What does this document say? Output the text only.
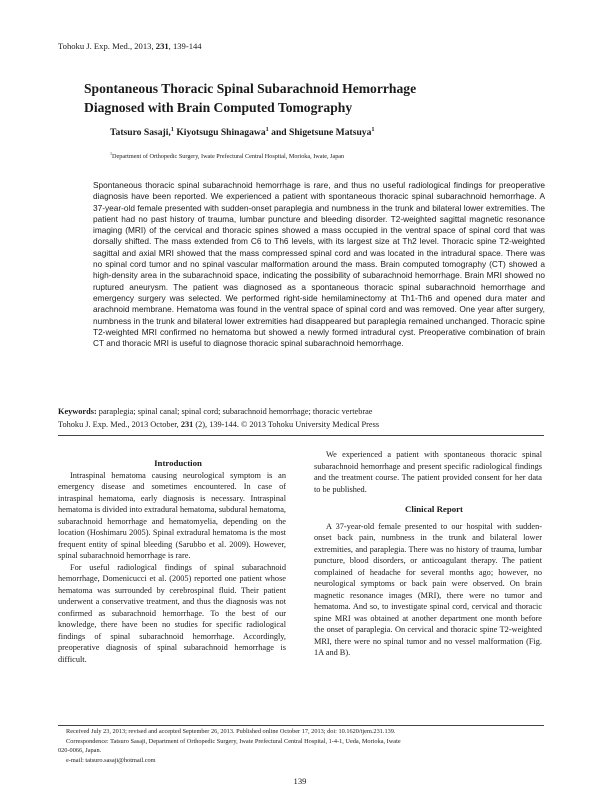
Tohoku J. Exp. Med., 2013, 231, 139-144
Spontaneous Thoracic Spinal Subarachnoid Hemorrhage
Diagnosed with Brain Computed Tomography
Tatsuro Sasaji,$^1$ Kiyotsugu Shinagawa$^1$ and Shigetsune Matsuya$^1$
$^1$Department of Orthopedic Surgery, Iwate Prefectural Central Hospital, Morioka, Iwate, Japan
Spontaneous thoracic spinal subarachnoid hemorrhage is rare, and thus no useful radiological findings for preoperative diagnosis have been reported. We experienced a patient with spontaneous thoracic spinal subarachnoid hemorrhage. A 37-year-old female presented with sudden-onset paraplegia and numbness in the trunk and bilateral lower extremities. The patient had no past history of trauma, lumbar puncture and bleeding disorder. T2-weighted sagittal magnetic resonance imaging (MRI) of the cervical and thoracic spines showed a mass occupied in the ventral space of spinal cord that was dorsally shifted. The mass extended from C6 to Th6 levels, with its largest size at Th2 level. Thoracic spine T2-weighted sagittal and axial MRI showed that the mass compressed spinal cord and was located in the intradural space. There was no spinal cord tumor and no spinal vascular malformation around the mass. Brain computed tomography (CT) showed a high-density area in the subarachnoid space, indicating the possibility of subarachnoid hemorrhage. Brain MRI showed no ruptured aneurysm. The patient was diagnosed as a spontaneous thoracic spinal subarachnoid hemorrhage and emergency surgery was selected. We performed right-side hemilaminectomy at Th1-Th6 and opened dura mater and arachnoid membrane. Hematoma was found in the ventral space of spinal cord and was removed. One year after surgery, numbness in the trunk and bilateral lower extremities had disappeared but paraplegia remained unchanged. Thoracic spine T2-weighted MRI confirmed no hematoma but showed a newly formed intradural cyst. Preoperative combination of brain CT and thoracic MRI is useful to diagnose thoracic spinal subarachnoid hemorrhage.
Keywords: paraplegia; spinal canal; spinal cord; subarachnoid hemorrhage; thoracic vertebrae
Tohoku J. Exp. Med., 2013 October, 231 (2), 139-144. © 2013 Tohoku University Medical Press

Introduction

Intraspinal hematoma causing neurological symptom is an emergency disease and sometimes encountered. In case of intraspinal hematoma, early diagnosis is necessary. Intraspinal hematoma is divided into extradural hematoma, subdural hematoma, subarachnoid hemorrhage and hematomyelia, depending on the location (Hoshimaru 2005). Spinal extradural hematoma is the most frequent entity of spinal bleeding (Sarubbo et al. 2009). However, spinal subarachnoid hemorrhage is rare.

For useful radiological findings of spinal subarachnoid hemorrhage, Domenicucci et al. (2005) reported one patient whose hematoma was surrounded by cerebrospinal fluid. Their patient underwent a conservative treatment, and thus the diagnosis was not confirmed as subarachnoid hemorrhage. To the best of our knowledge, there have been no studies for specific radiological findings of spinal subarachnoid hemorrhage. Accordingly, preoperative diagnosis of spinal subarachnoid hemorrhage is difficult.

We experienced a patient with spontaneous thoracic spinal subarachnoid hemorrhage and present specific radiological findings and the treatment course. The patient provided consent for her data to be published.

Clinical Report

A 37-year-old female presented to our hospital with sudden-onset back pain, numbness in the trunk and bilateral lower extremities, and paraplegia. There was no history of trauma, lumbar puncture, blood disorders, or anticoagulant therapy. The patient complained of headache for several months ago; however, no neurological symptoms or back pain were observed. On brain magnetic resonance images (MRI), there were no tumor and hematoma. And so, to investigate spinal cord, cervical and thoracic spine MRI was obtained at another department one month before the onset of paraplegia. On cervical and thoracic spine T2-weighted MRI, there were no spinal tumor and no vessel malformation (Fig. 1A and B).

Received July 23, 2013; revised and accepted September 26, 2013. Published online October 17, 2013; doi: 10.1620/tjem.231.139.
Correspondence: Tatsuro Sasaji, Department of Orthopedic Surgery, Iwate Prefectural Central Hospital, 1-4-1, Ueda, Morioka, Iwate
020-0066, Japan.
e-mail: tatsuro.sasaji@hotmail.com
139
